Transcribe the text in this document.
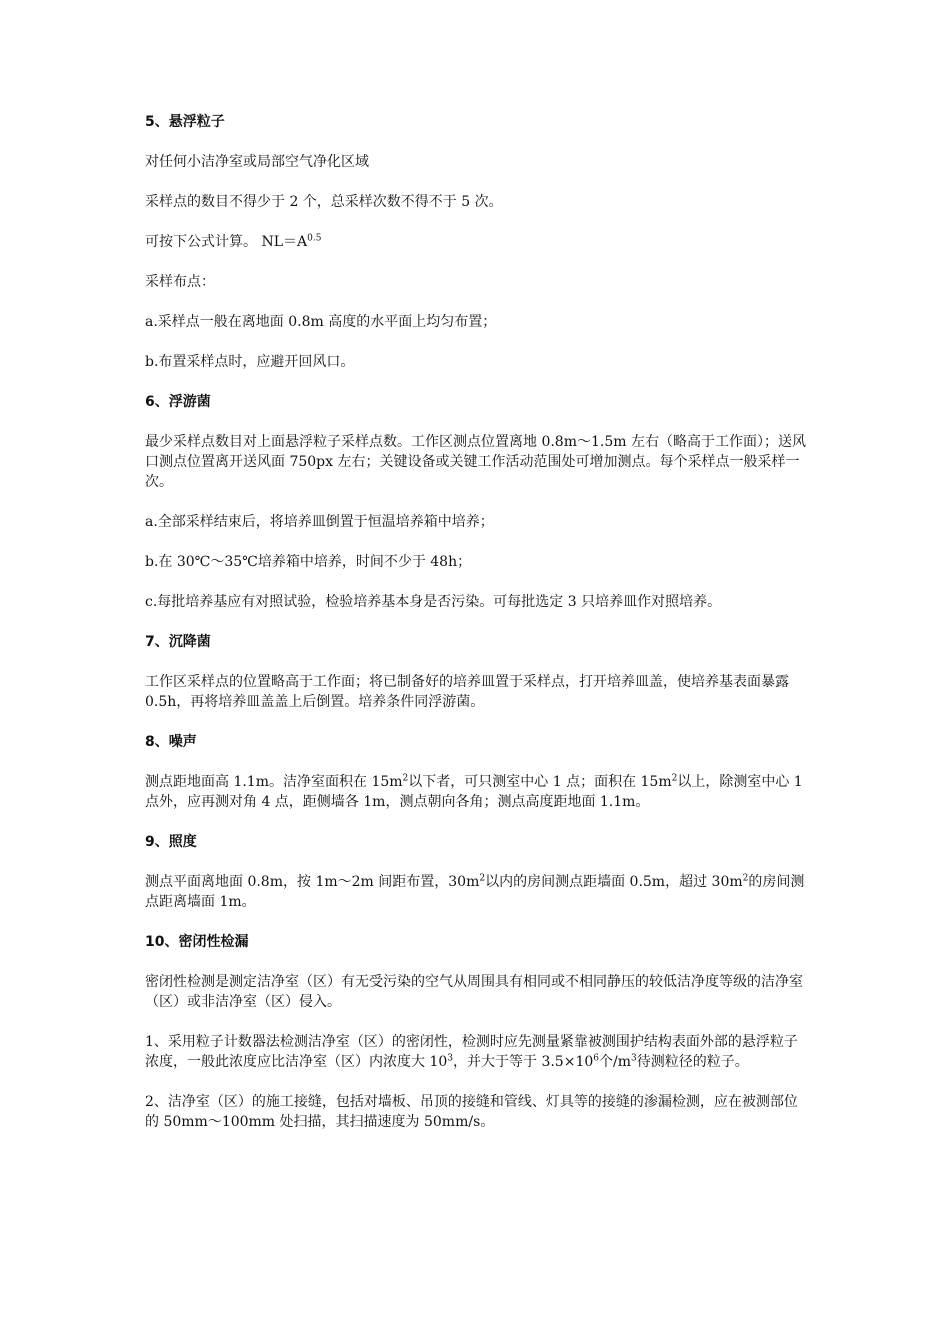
5、悬浮粒子
对任何小洁净室或局部空气净化区域
采样点的数目不得少于 2 个，总采样次数不得不于 5 次。
可按下公式计算。 $NL=A^{0.5}$
采样布点：
a.采样点一般在离地面 0.8m 高度的水平面上均匀布置；
b.布置采样点时，应避开回风口。
6、浮游菌
最少采样点数目对上面悬浮粒子采样点数。工作区测点位置离地 0.8m～1.5m 左右（略高于工作面）；送风口测点位置离开送风面 750px 左右；关键设备或关键工作活动范围处可增加测点。每个采样点一般采样一次。
a.全部采样结束后，将培养皿倒置于恒温培养箱中培养；
b.在 30℃～35℃培养箱中培养，时间不少于 48h；
c.每批培养基应有对照试验，检验培养基本身是否污染。可每批选定 3 只培养皿作对照培养。
7、沉降菌
工作区采样点的位置略高于工作面；将已制备好的培养皿置于采样点，打开培养皿盖，使培养基表面暴露 0.5h，再将培养皿盖盖上后倒置。培养条件同浮游菌。
8、噪声
测点距地面高 1.1m。洁净室面积在 $15m^2$以下者，可只测室中心 1 点；面积在 $15m^2$以上，除测室中心 1 点外，应再测对角 4 点，距侧墙各 1m，测点朝向各角；测点高度距地面 1.1m。
9、照度
测点平面离地面 0.8m，按 1m～2m 间距布置，$30m^2$以内的房间测点距墙面 0.5m，超过 $30m^2$的房间测点距离墙面 1m。
10、密闭性检漏
密闭性检测是测定洁净室（区）有无受污染的空气从周围具有相同或不相同静压的较低洁净度等级的洁净室（区）或非洁净室（区）侵入。
1、采用粒子计数器法检测洁净室（区）的密闭性，检测时应先测量紧靠被测围护结构表面外部的悬浮粒子浓度，一般此浓度应比洁净室（区）内浓度大 $10^3$，并大于等于 $3.5\times 10^6$个$/m^3$待测粒径的粒子。
2、洁净室（区）的施工接缝，包括对墙板、吊顶的接缝和管线、灯具等的接缝的渗漏检测，应在被测部位的 50mm～100mm 处扫描，其扫描速度为 50mm/s。
